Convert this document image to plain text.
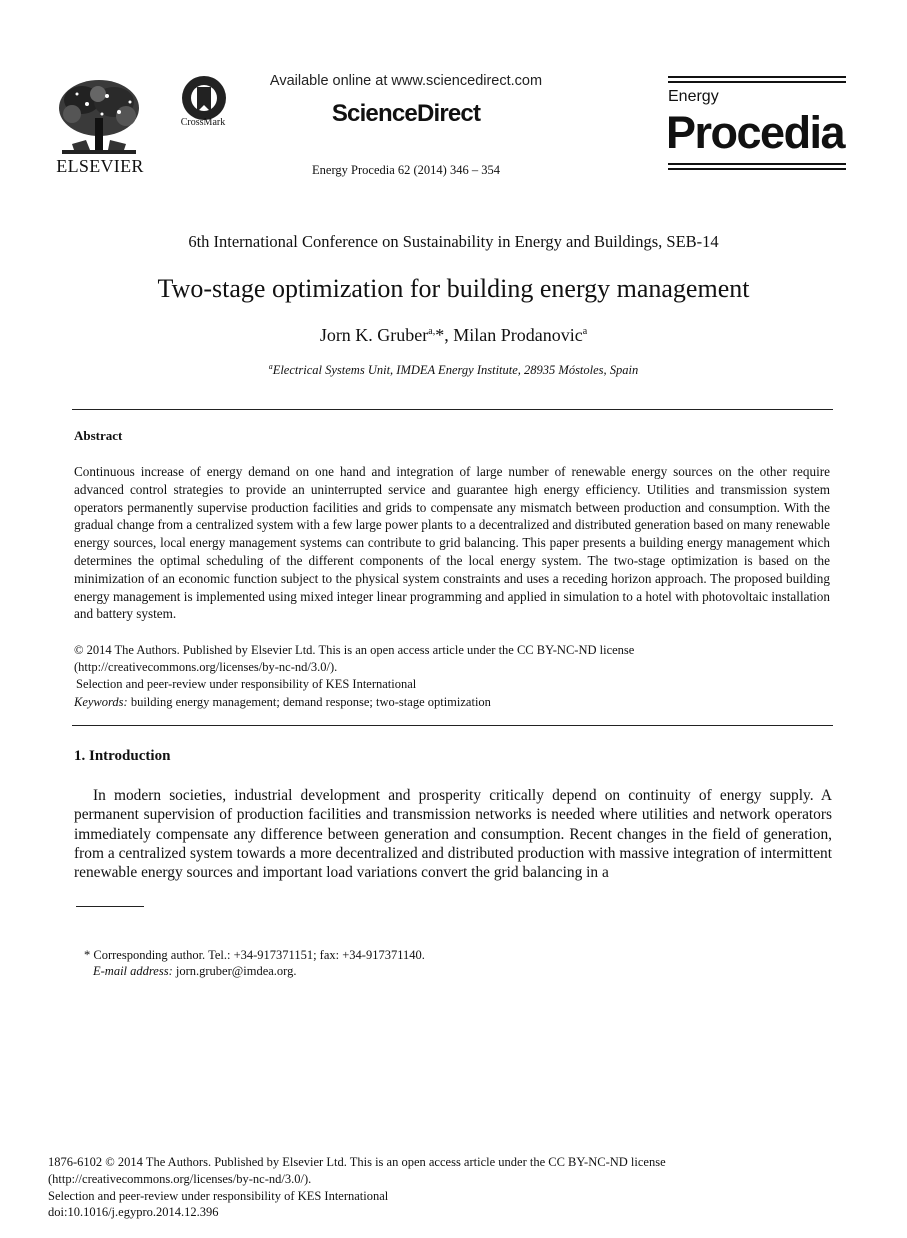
ELSEVIER
CrossMark
Available online at www.sciencedirect.com
ScienceDirect
Energy Procedia 62 (2014) 346 – 354
Energy
Procedia
6th International Conference on Sustainability in Energy and Buildings, SEB-14
Two-stage optimization for building energy management
Jorn K. Gruber$^{a,}$*, Milan Prodanovic$^a$
$^a$Electrical Systems Unit, IMDEA Energy Institute, 28935 Móstoles, Spain
Abstract
Continuous increase of energy demand on one hand and integration of large number of renewable energy sources on the other require advanced control strategies to provide an uninterrupted service and guarantee high energy efficiency. Utilities and transmission system operators permanently supervise production facilities and grids to compensate any mismatch between production and consumption. With the gradual change from a centralized system with a few large power plants to a decentralized and distributed generation based on many renewable energy sources, local energy management systems can contribute to grid balancing. This paper presents a building energy management which determines the optimal scheduling of the different components of the local energy system. The two-stage optimization is based on the minimization of an economic function subject to the physical system constraints and uses a receding horizon approach. The proposed building energy management is implemented using mixed integer linear programming and applied in simulation to a hotel with photovoltaic installation and battery system.
© 2014 The Authors. Published by Elsevier Ltd. This is an open access article under the CC BY-NC-ND license
(http://creativecommons.org/licenses/by-nc-nd/3.0/).
Selection and peer-review under responsibility of KES International
Keywords: building energy management; demand response; two-stage optimization
1. Introduction
In modern societies, industrial development and prosperity critically depend on continuity of energy supply. A permanent supervision of production facilities and transmission networks is needed where utilities and network operators immediately compensate any difference between generation and consumption. Recent changes in the field of generation, from a centralized system towards a more decentralized and distributed production with massive integration of intermittent renewable energy sources and important load variations convert the grid balancing in a
* Corresponding author. Tel.: +34-917371151; fax: +34-917371140.
E-mail address: jorn.gruber@imdea.org.
1876-6102 © 2014 The Authors. Published by Elsevier Ltd. This is an open access article under the CC BY-NC-ND license
(http://creativecommons.org/licenses/by-nc-nd/3.0/).
Selection and peer-review under responsibility of KES International
doi:10.1016/j.egypro.2014.12.396
